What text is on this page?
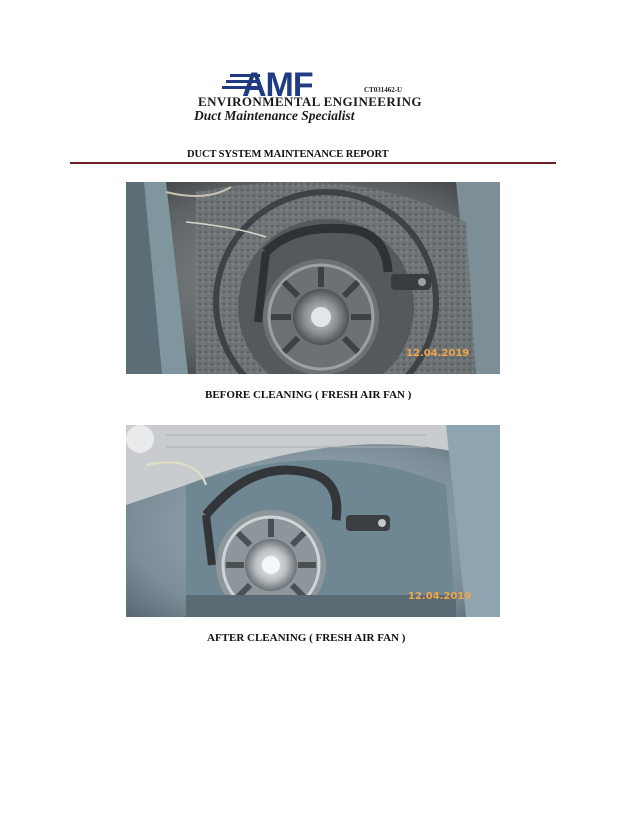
AMF	CT031462-U
ENVIRONMENTAL ENGINEERING
Duct Maintenance Specialist
DUCT SYSTEM MAINTENANCE REPORT
12.04.2019
BEFORE CLEANING ( FRESH AIR FAN )
12.04.2019
AFTER CLEANING ( FRESH AIR FAN )
